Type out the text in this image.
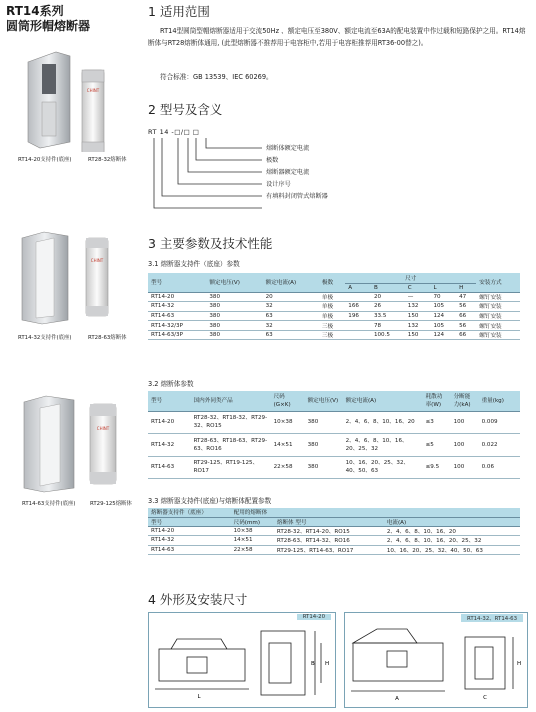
RT14系列
圆筒形帽熔断器
1 适用范围
RT14型圆筒型帽熔断器适用于交流50Hz 、额定电压至380V、额定电流至63A的配电装置中作过载和短路保护之用。RT14熔断体与RT28熔断体通用, (此型熔断器不推荐用于电容柜中,若用于电容柜推荐用RT36-00替之)。
符合标准：GB 13539、IEC 60269。
2 型号及含义
RT 14 -□/□ □
熔断体额定电流
极数
熔断器额定电流
设计序号
有填料封闭管式熔断器
CHINT
RT14-20支持件(底座)	RT28-32熔断体
CHINT
RT14-32支持件(底座)	RT28-63熔断体
CHINT
RT14-63支持件(底座)	RT29-125熔断体
3 主要参数及技术性能
3.1 熔断器支持件（底座）参数
型号	额定电压(V)	额定电流(A)	极数	尺寸					安装方式
				A	B	C	L	H	
RT14-20	380	20	单极		20	—	70	47	螺钉安装
RT14-32	380	32	单极	166	26	132	105	56	螺钉安装
RT14-63	380	63	单极	196	33.5	150	124	66	螺钉安装
RT14-32/3P	380	32	三极		78	132	105	56	螺钉安装
RT14-63/3P	380	63	三极		100.5	150	124	66	螺钉安装
3.2 熔断体参数
型号	国内外同类产品	尺码(G×K)	额定电压(V)	额定电流(A)	耗散功率(W)	分断能力(kA)	重量(kg)
RT14-20	RT28-32、RT18-32、RT29-32、RO15	10×38	380	2、4、6、8、10、16、20	≤3	100	0.009
RT14-32	RT28-63、RT18-63、RT29-63、RO16	14×51	380	2、4、6、8、10、16、20、25、32	≤5	100	0.022
RT14-63	RT29-125、RT19-125、RO17	22×58	380	10、16、20、25、32、40、50、63	≤9.5	100	0.06
3.3 熔断器支持件(底座)与熔断体配置参数
熔断器支持件（底座）	配用的熔断体		
型号	尺码(mm)	熔断体 型号	电流(A)
RT14-20	10×38	RT28-32、RT14-20、RO15	2、4、6、8、10、16、20
RT14-32	14×51	RT28-63、RT14-32、RO16	2、4、6、8、10、16、20、25、32
RT14-63	22×58	RT29-125、RT14-63、RO17	10、16、20、25、32、40、50、63
4 外形及安装尺寸
RT14-20
L
H
B
RT14-32、RT14-63
A
H
C
